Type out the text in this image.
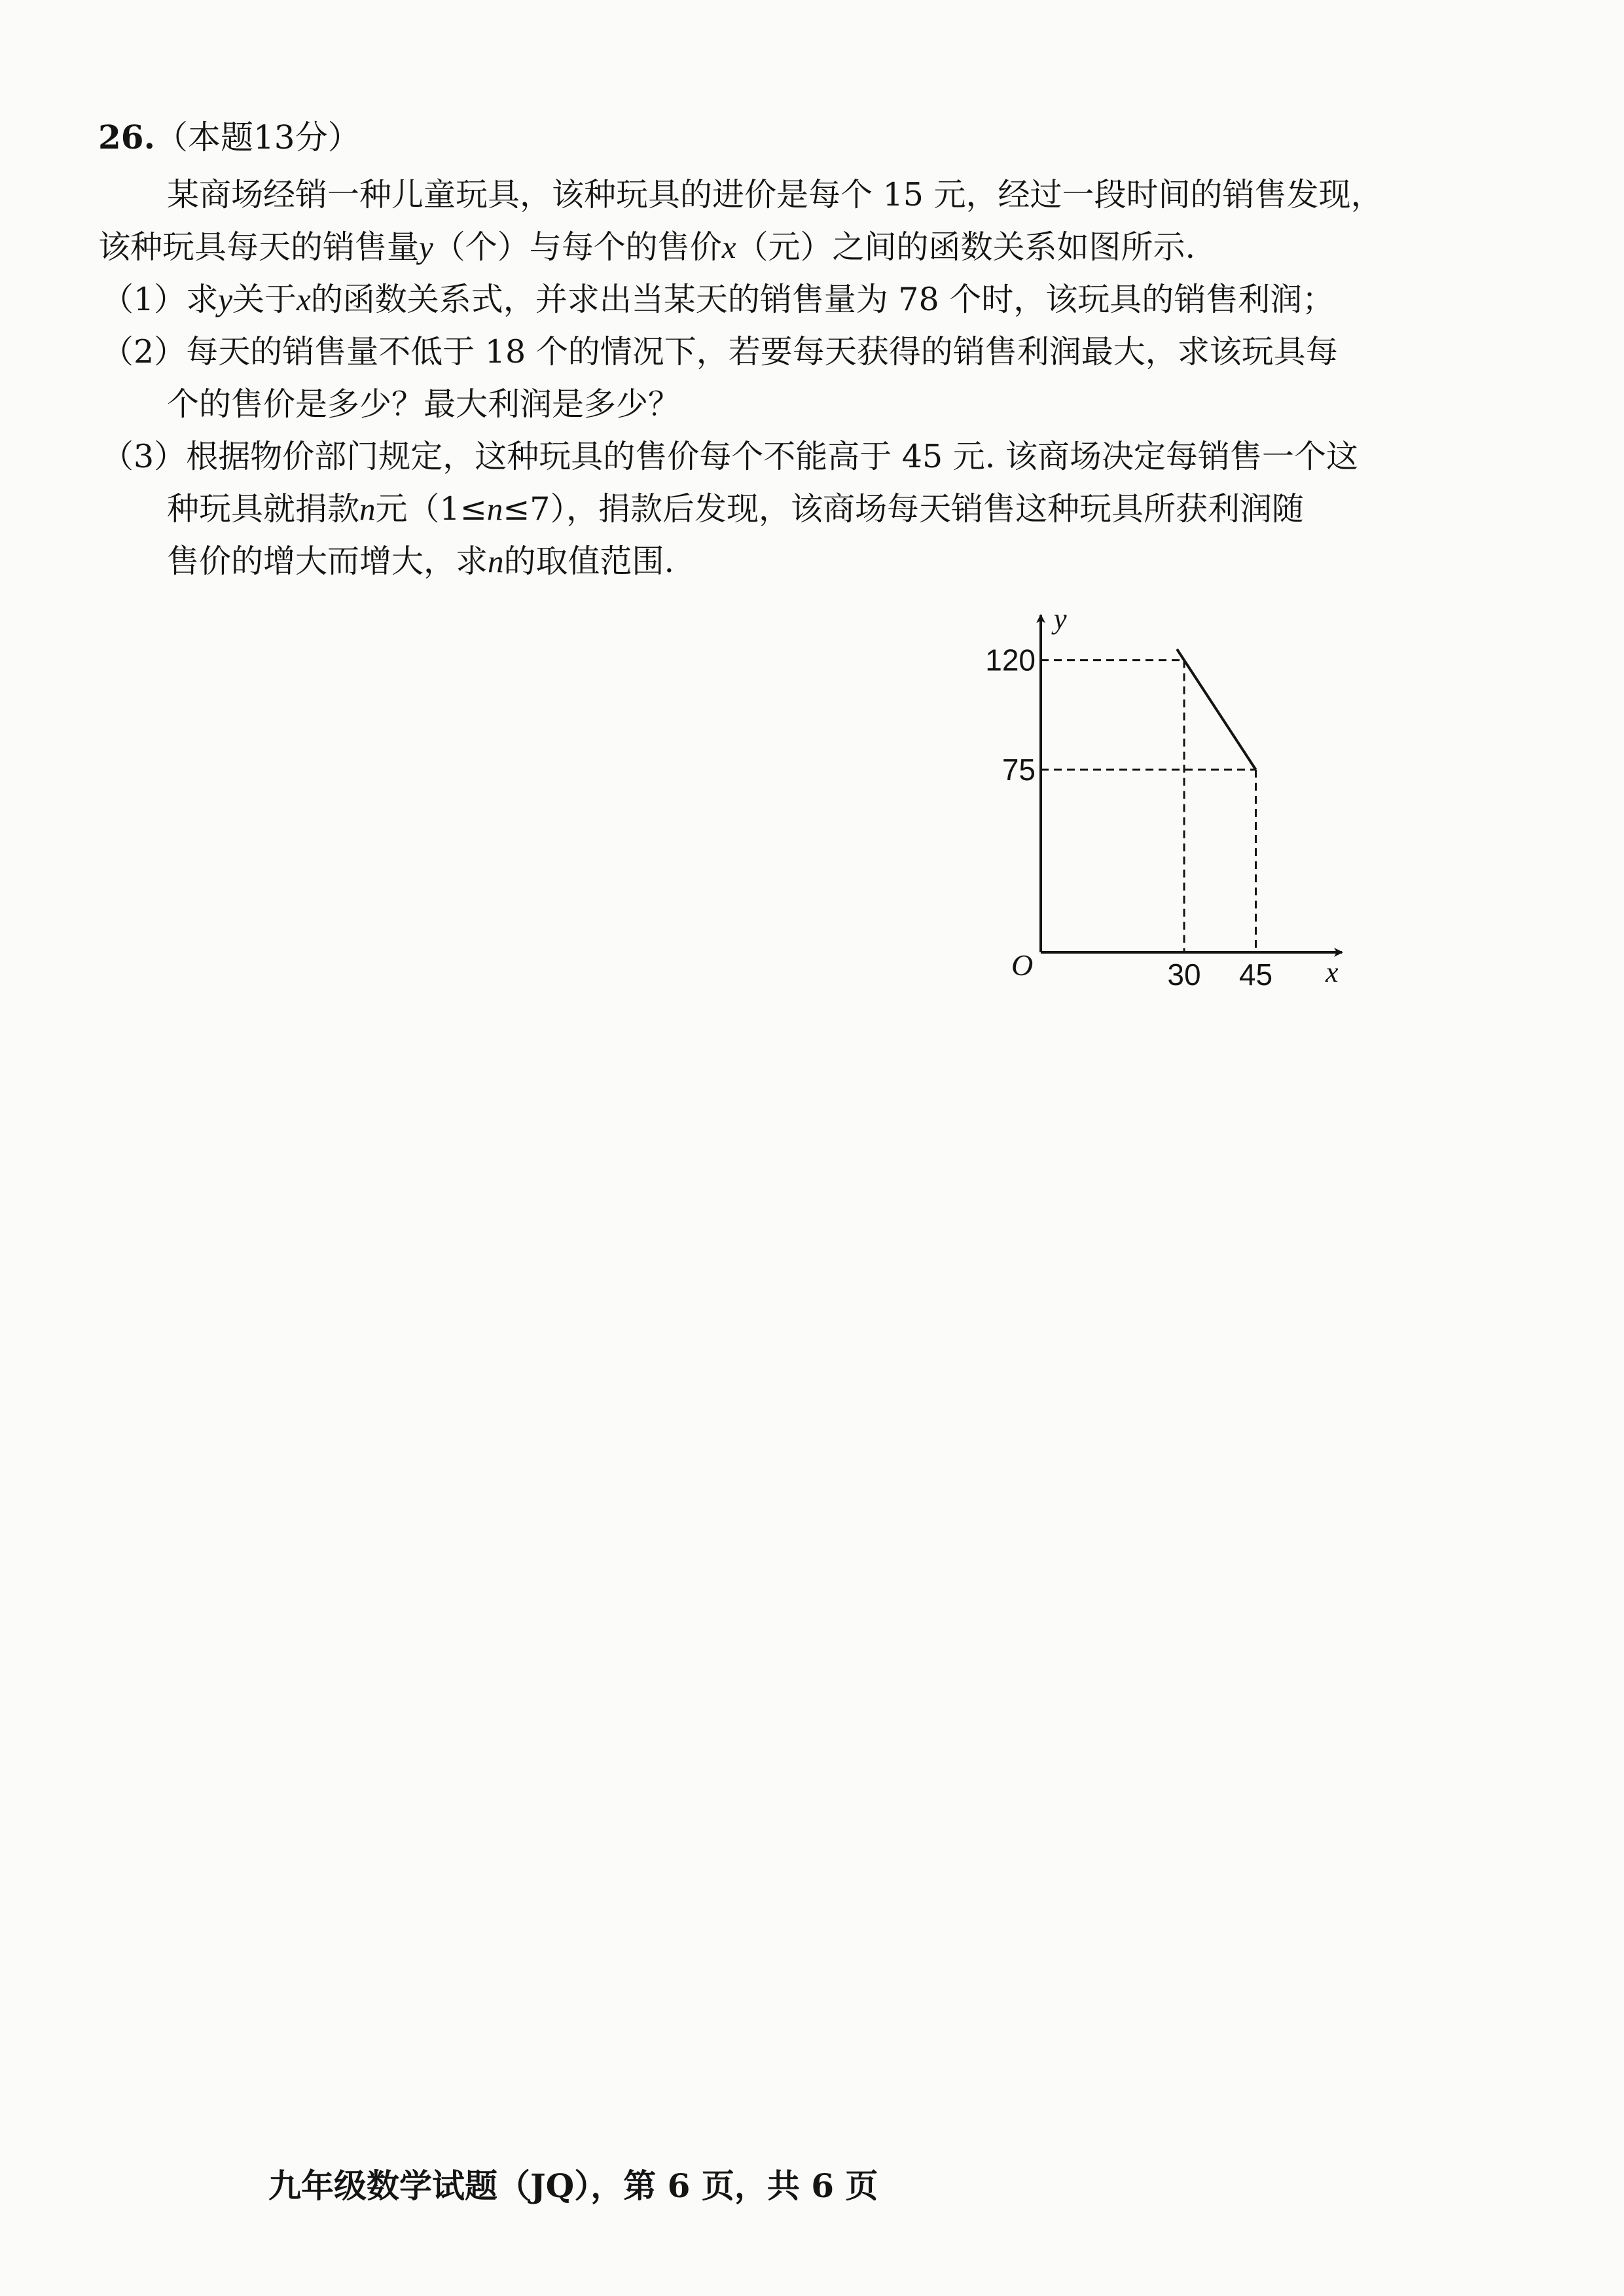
26.（本题13分）
某商场经销一种儿童玩具，该种玩具的进价是每个 15 元，经过一段时间的销售发现，
该种玩具每天的销售量y（个）与每个的售价x（元）之间的函数关系如图所示.
（1）求y关于x的函数关系式，并求出当某天的销售量为 78 个时，该玩具的销售利润；
（2）每天的销售量不低于 18 个的情况下，若要每天获得的销售利润最大，求该玩具每
个的售价是多少？最大利润是多少？
（3）根据物价部门规定，这种玩具的售价每个不能高于 45 元. 该商场决定每销售一个这
种玩具就捐款n元（1≤n≤7），捐款后发现，该商场每天销售这种玩具所获利润随
售价的增大而增大，求n的取值范围.
O	x
y
30 45
120
75
九年级数学试题（JQ），第 6 页，共 6 页
